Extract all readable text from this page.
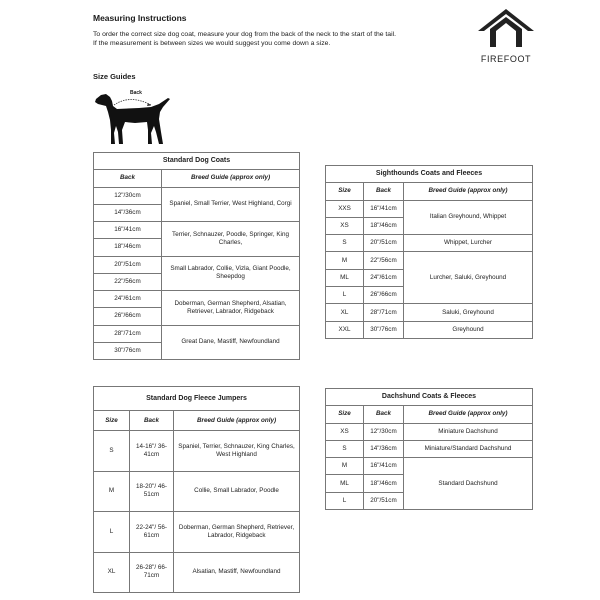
Measuring Instructions
To order the correct size dog coat, measure your dog from the back of the neck to the start of the tail.
If the measurement is between sizes we would suggest you come down a size.
FIREFOOT
Size Guides
Back
Standard Dog Coats	
Back	Breed Guide (approx only)
12"/30cm	Spaniel, Small Terrier, West Highland, Corgi
14"/36cm	
16"/41cm	Terrier, Schnauzer, Poodle, Springer, King Charles,
18"/46cm	
20"/51cm	Small Labrador, Collie, Vizla, Giant Poodle, Sheepdog
22"/56cm	
24"/61cm	Doberman, German Shepherd, Alsatian, Retriever, Labrador, Ridgeback
26"/66cm	
28"/71cm	Great Dane, Mastiff, Newfoundland
30"/76cm	
Sighthounds Coats and Fleeces		
Size	Back	Breed Guide (approx only)
XXS	16"/41cm	Italian Greyhound, Whippet
XS	18"/46cm	
S	20"/51cm	Whippet, Lurcher
M	22"/56cm	Lurcher, Saluki, Greyhound
ML	24"/61cm	
L	26"/66cm	
XL	28"/71cm	Saluki, Greyhound
XXL	30"/76cm	Greyhound
Standard Dog Fleece Jumpers		
Size	Back	Breed Guide (approx only)
S	14-16"/ 36-41cm	Spaniel, Terrier, Schnauzer, King Charles, West Highland
M	18-20"/ 46-51cm	Collie, Small Labrador, Poodle
L	22-24"/ 56-61cm	Doberman, German Shepherd, Retriever, Labrador, Ridgeback
XL	26-28"/ 66-71cm	Alsatian, Mastiff, Newfoundland
Dachshund Coats & Fleeces		
Size	Back	Breed Guide (approx only)
XS	12"/30cm	Miniature Dachshund
S	14"/36cm	Miniature/Standard Dachshund
M	16"/41cm	Standard Dachshund
ML	18"/46cm	
L	20"/51cm	
